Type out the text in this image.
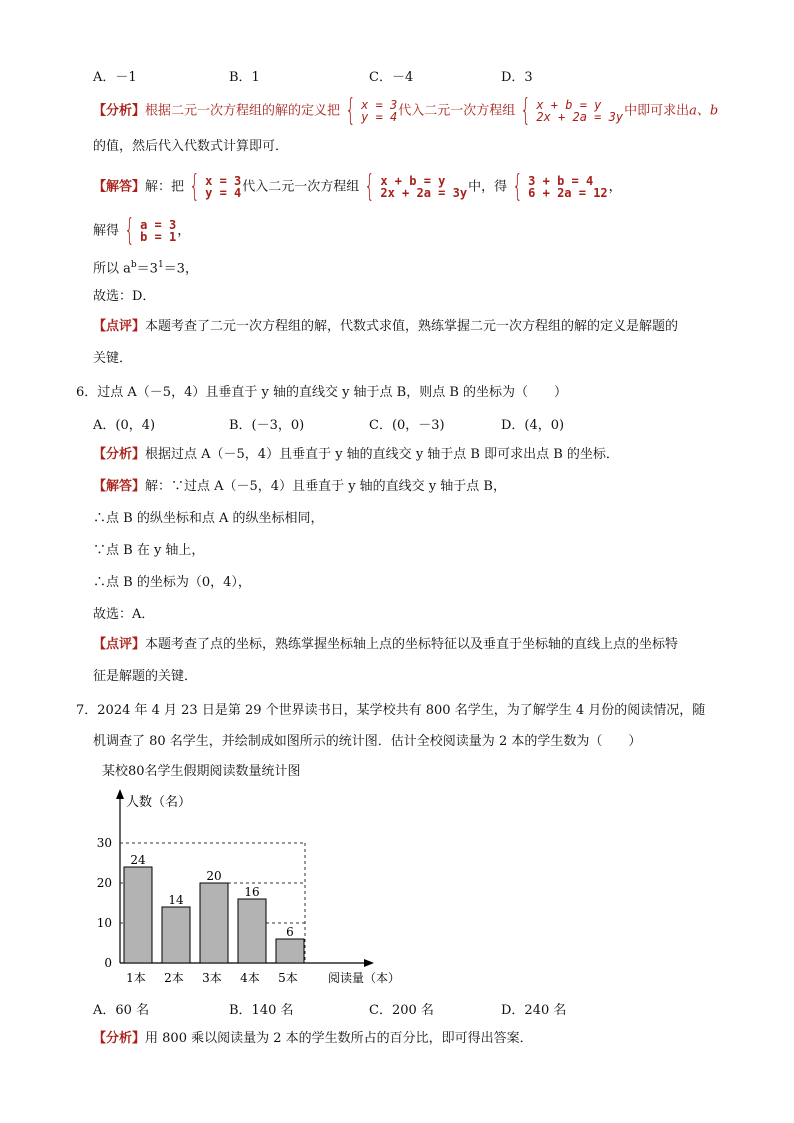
A．－1	B．1	C．－4	D．3
【分析】根据二元一次方程组的解的定义把 { x = 3
y = 4 代入二元一次方程组 { x + b = y
2x + 2a = 3y 中即可求出a、b
的值，然后代入代数式计算即可．
【解答】解：把 { x = 3
y = 4 代入二元一次方程组 { x + b = y
2x + 2a = 3y 中，得 { 3 + b = 4
6 + 2a = 12 ，
解得 { a = 3
b = 1 ，
所以 $a^b=3^1=3$，
故选：D．
【点评】本题考查了二元一次方程组的解，代数式求值，熟练掌握二元一次方程组的解的定义是解题的
关键．
6．过点 A（－5，4）且垂直于 y 轴的直线交 y 轴于点 B，则点 B 的坐标为（　　）
A．(0，4)	B．(－3，0)	C．(0，－3)	D．(4，0)
【分析】根据过点 A（－5，4）且垂直于 y 轴的直线交 y 轴于点 B 即可求出点 B 的坐标．
【解答】解：∵过点 A（－5，4）且垂直于 y 轴的直线交 y 轴于点 B，
∴点 B 的纵坐标和点 A 的纵坐标相同，
∵点 B 在 y 轴上，
∴点 B 的坐标为（0，4），
故选：A．
【点评】本题考查了点的坐标，熟练掌握坐标轴上点的坐标特征以及垂直于坐标轴的直线上点的坐标特
征是解题的关键．
7．2024 年 4 月 23 日是第 29 个世界读书日，某学校共有 800 名学生，为了解学生 4 月份的阅读情况，随
机调查了 80 名学生，并绘制成如图所示的统计图．估计全校阅读量为 2 本的学生数为（　　）
某校80名学生假期阅读数量统计图
人数（名）
阅读量（本）
0
10
20
30
24
1本
14
2本
20
3本
16
4本
6
5本
A．60 名	B．140 名	C．200 名	D．240 名
【分析】用 800 乘以阅读量为 2 本的学生数所占的百分比，即可得出答案．
